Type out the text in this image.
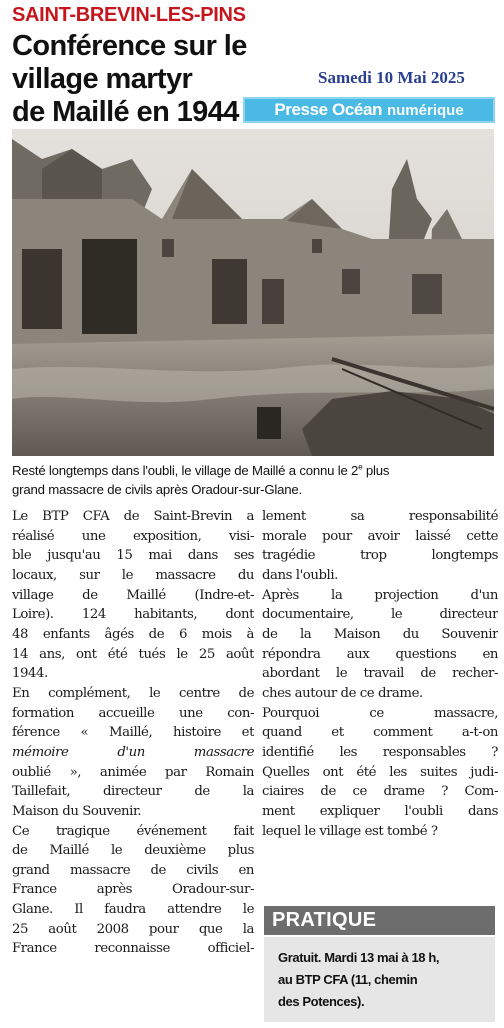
SAINT-BREVIN-LES-PINS
Conférence sur le village martyr
de Maillé en 1944
Samedi 10 Mai 2025
Presse Océan numérique
Resté longtemps dans l'oubli, le village de Maillé a connu le 2e plus
grand massacre de civils après Oradour-sur-Glane.
Le BTP CFA de Saint-Brevin a
réalisé une exposition, visi-
ble jusqu'au 15 mai dans ses
locaux, sur le massacre du
village de Maillé (Indre-et-
Loire). 124 habitants, dont
48 enfants âgés de 6 mois à
14 ans, ont été tués le 25 août
1944.
En complément, le centre de
formation accueille une con-
férence « Maillé, histoire et
mémoire d'un massacre
oublié », animée par Romain
Taillefait, directeur de la
Maison du Souvenir.
Ce tragique événement fait
de Maillé le deuxième plus
grand massacre de civils en
France après Oradour-sur-
Glane. Il faudra attendre le
25 août 2008 pour que la
France reconnaisse officiel-
lement sa responsabilité
morale pour avoir laissé cette
tragédie trop longtemps
dans l'oubli.
Après la projection d'un
documentaire, le directeur
de la Maison du Souvenir
répondra aux questions en
abordant le travail de recher-
ches autour de ce drame.
Pourquoi ce massacre,
quand et comment a-t-on
identifié les responsables ?
Quelles ont été les suites judi-
ciaires de ce drame ? Com-
ment expliquer l'oubli dans
lequel le village est tombé ?
PRATIQUE
Gratuit. Mardi 13 mai à 18 h,
au BTP CFA (11, chemin
des Potences).
